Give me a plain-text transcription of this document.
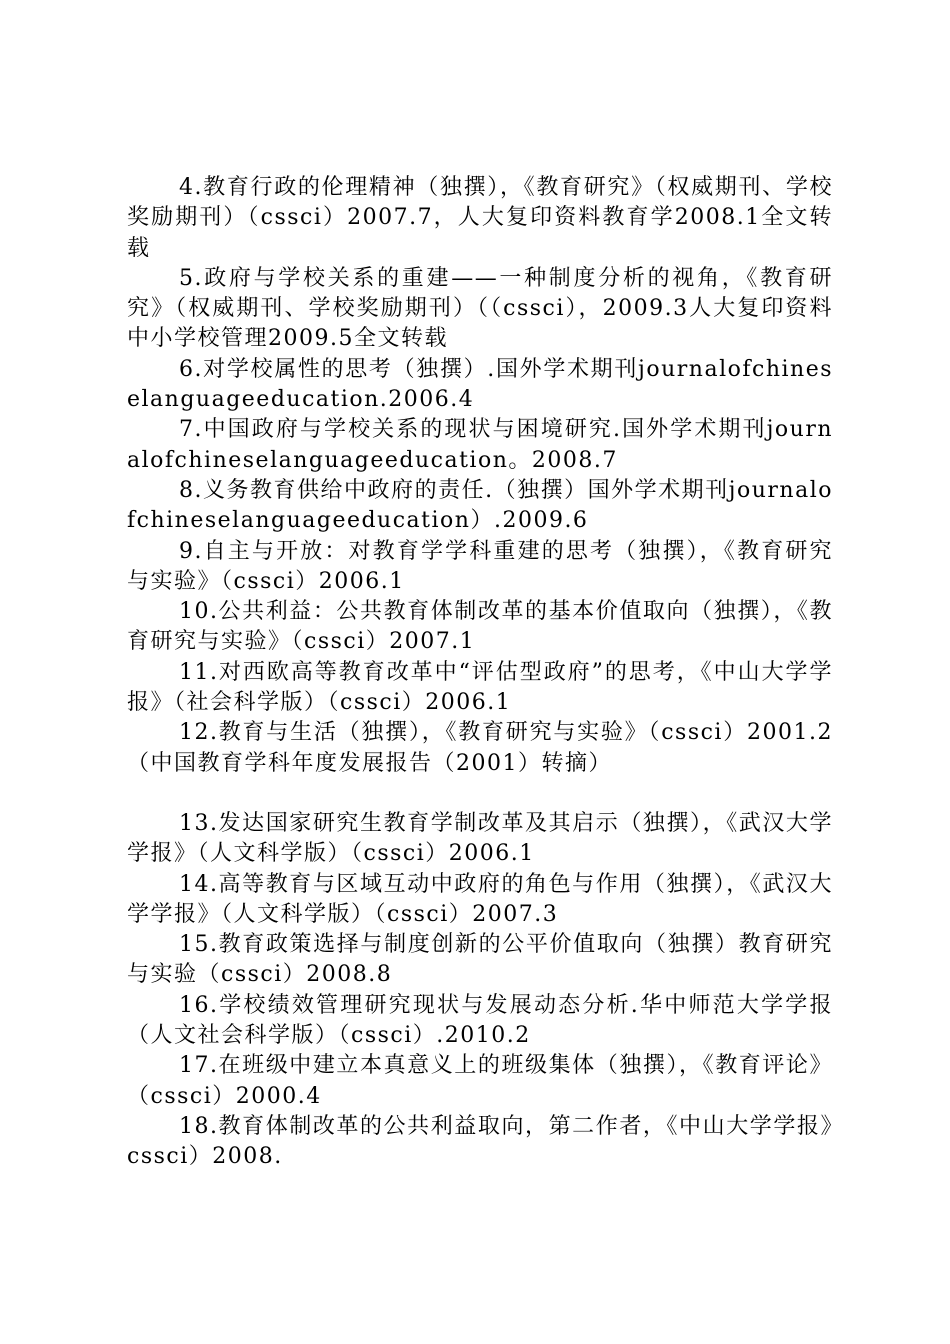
4.教育行政的伦理精神（独撰），《教育研究》（权威期刊、学校奖励期刊）（cssci）2007.7，人大复印资料教育学2008.1全文转载

5.政府与学校关系的重建——一种制度分析的视角，《教育研究》（权威期刊、学校奖励期刊）（（cssci），2009.3人大复印资料中小学校管理2009.5全文转载

6.对学校属性的思考（独撰）.国外学术期刊journalofchineselanguageeducation.2006.4

7.中国政府与学校关系的现状与困境研究.国外学术期刊journalofchineselanguageeducation。2008.7

8.义务教育供给中政府的责任.（独撰）国外学术期刊journalofchineselanguageeducation）.2009.6

9.自主与开放：对教育学学科重建的思考（独撰），《教育研究与实验》（cssci）2006.1

10.公共利益：公共教育体制改革的基本价值取向（独撰），《教育研究与实验》（cssci）2007.1

11.对西欧高等教育改革中“评估型政府”的思考，《中山大学学报》（社会科学版）（cssci）2006.1

12.教育与生活（独撰），《教育研究与实验》（cssci）2001.2（中国教育学科年度发展报告（2001）转摘）

13.发达国家研究生教育学制改革及其启示（独撰），《武汉大学学报》（人文科学版）（cssci）2006.1

14.高等教育与区域互动中政府的角色与作用（独撰），《武汉大学学报》（人文科学版）（cssci）2007.3

15.教育政策选择与制度创新的公平价值取向（独撰）教育研究与实验（cssci）2008.8

16.学校绩效管理研究现状与发展动态分析.华中师范大学学报（人文社会科学版）（cssci）.2010.2

17.在班级中建立本真意义上的班级集体（独撰），《教育评论》（cssci）2000.4

18.教育体制改革的公共利益取向，第二作者，《中山大学学报》cssci）2008.
